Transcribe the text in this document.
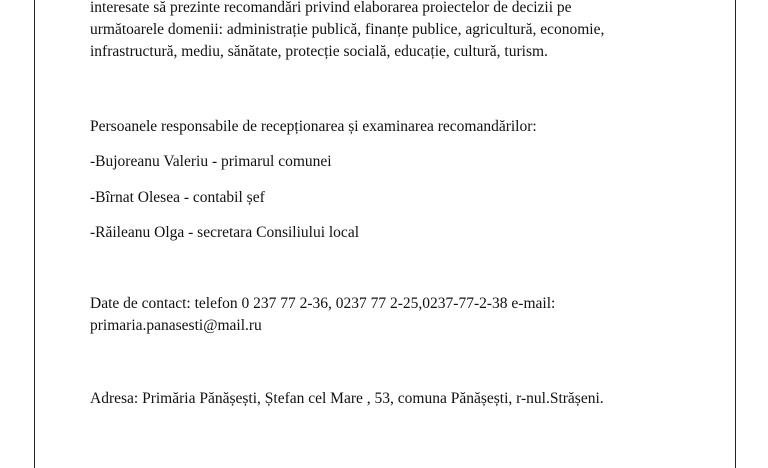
interesate să prezinte recomandări privind elaborarea proiectelor de decizii pe
următoarele domenii: administrație publică, finanțe publice, agricultură, economie,
infrastructură, mediu, sănătate, protecție socială, educație, cultură, turism.
Persoanele responsabile de recepționarea și examinarea recomandărilor:
-Bujoreanu Valeriu - primarul comunei
-Bîrnat Olesea - contabil șef
-Răileanu Olga - secretara Consiliului local
Date de contact: telefon 0 237 77 2-36, 0237 77 2-25,0237-77-2-38 e-mail:
primaria.panasesti@mail.ru
Adresa: Primăria Pănășești, Ștefan cel Mare , 53, comuna Pănășești, r-nul.Strășeni.
